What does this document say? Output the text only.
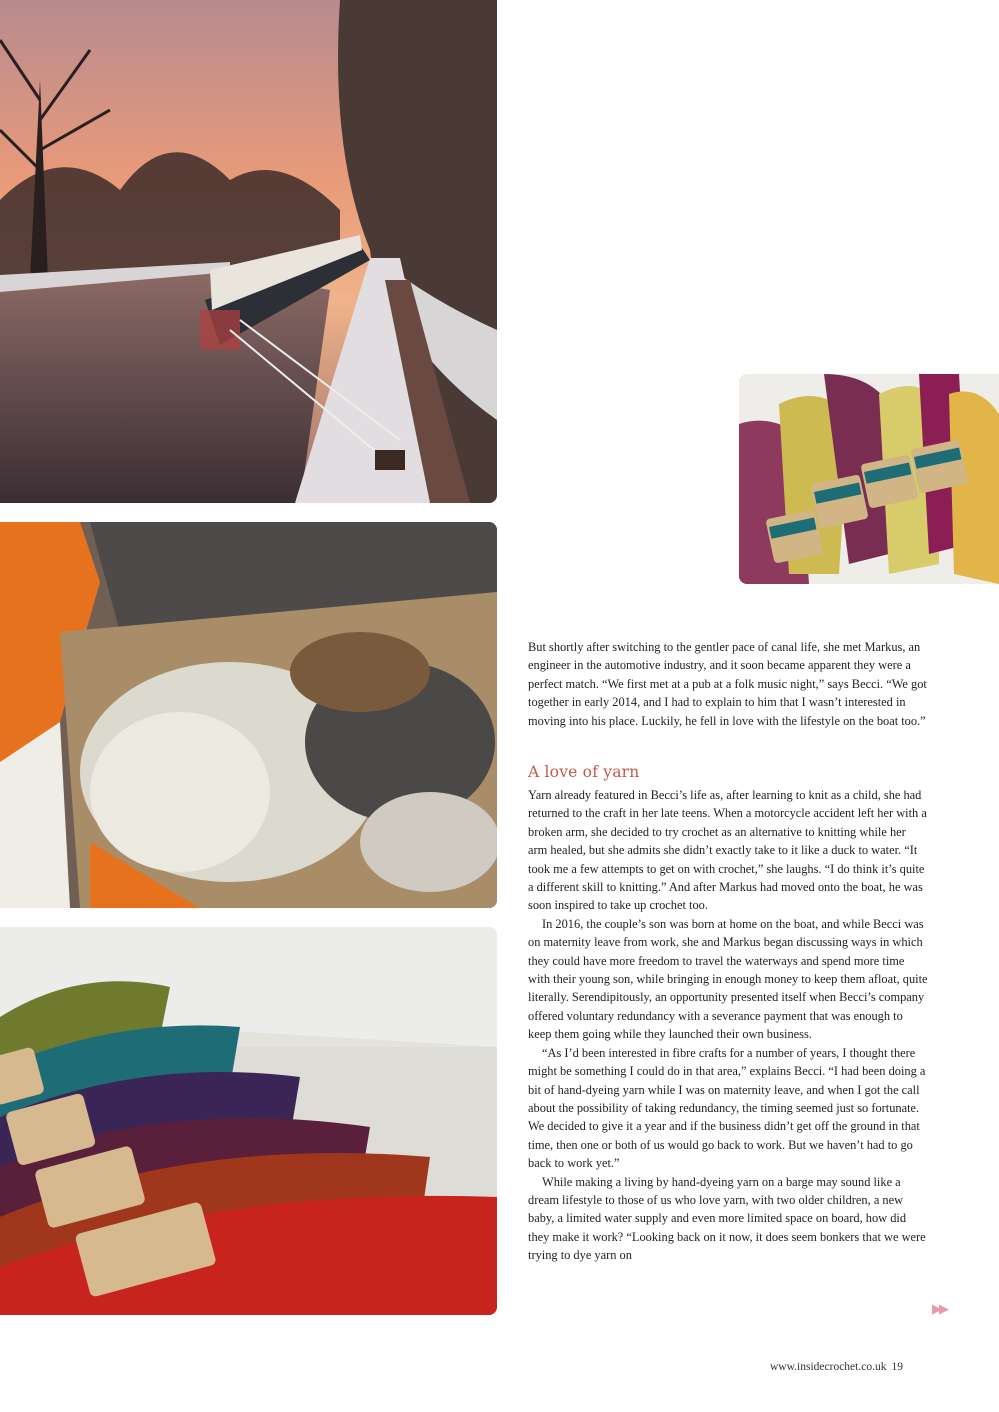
But shortly after switching to the gentler pace of canal life, she met Markus, an engineer in the automotive industry, and it soon became apparent they were a perfect match. “We first met at a pub at a folk music night,” says Becci. “We got together in early 2014, and I had to explain to him that I wasn’t interested in moving into his place. Luckily, he fell in love with the lifestyle on the boat too.”

A love of yarn

Yarn already featured in Becci’s life as, after learning to knit as a child, she had returned to the craft in her late teens. When a motorcycle accident left her with a broken arm, she decided to try crochet as an alternative to knitting while her arm healed, but she admits she didn’t exactly take to it like a duck to water. “It took me a few attempts to get on with crochet,” she laughs. “I do think it’s quite a different skill to knitting.” And after Markus had moved onto the boat, he was soon inspired to take up crochet too.

In 2016, the couple’s son was born at home on the boat, and while Becci was on maternity leave from work, she and Markus began discussing ways in which they could have more freedom to travel the waterways and spend more time with their young son, while bringing in enough money to keep them afloat, quite literally. Serendipitously, an opportunity presented itself when Becci’s company offered voluntary redundancy with a severance payment that was enough to keep them going while they launched their own business.

“As I’d been interested in fibre crafts for a number of years, I thought there might be something I could do in that area,” explains Becci. “I had been doing a bit of hand-dyeing yarn while I was on maternity leave, and when I got the call about the possibility of taking redundancy, the timing seemed just so fortunate. We decided to give it a year and if the business didn’t get off the ground in that time, then one or both of us would go back to work. But we haven’t had to go back to work yet.”

While making a living by hand-dyeing yarn on a barge may sound like a dream lifestyle to those of us who love yarn, with two older children, a new baby, a limited water supply and even more limited space on board, how did they make it work? “Looking back on it now, it does seem bonkers that we were trying to dye yarn on

▶▶
www.insidecrochet.co.uk 19
